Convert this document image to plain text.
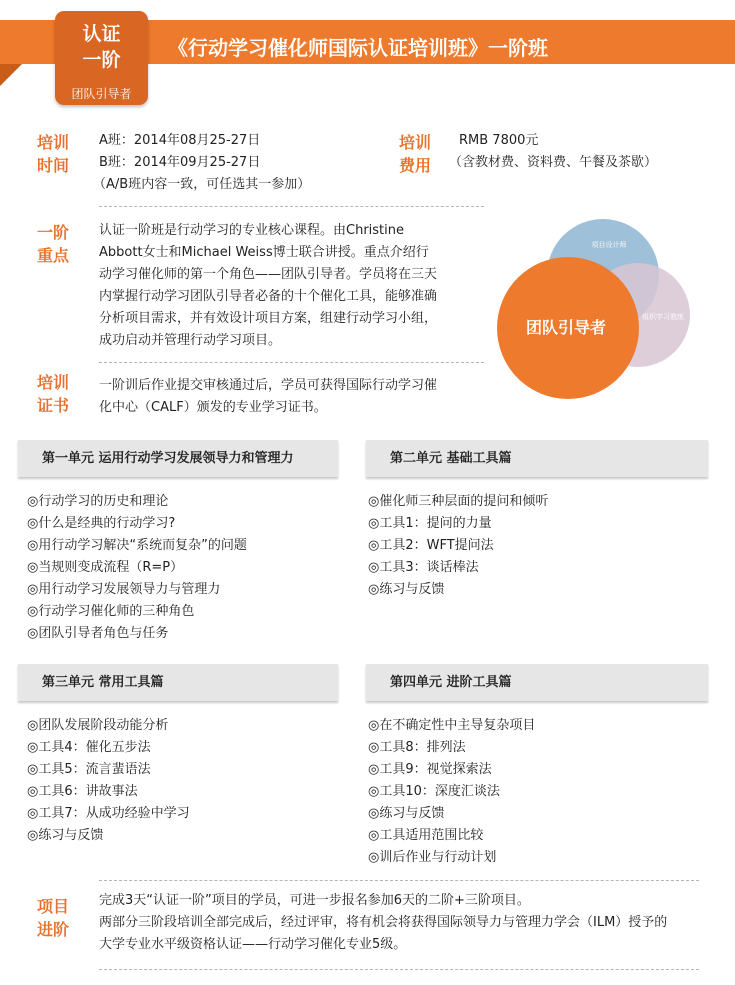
《行动学习催化师国际认证培训班》一阶班
认证
一阶
团队引导者
培训
时间
A班：2014年08月25-27日
B班：2014年09月25-27日
（A/B班内容一致，可任选其一参加）
培训
费用
RMB 7800元
（含教材费、资料费、午餐及茶歇）
一阶
重点
认证一阶班是行动学习的专业核心课程。由Christine
Abbott女士和Michael Weiss博士联合讲授。重点介绍行
动学习催化师的第一个角色——团队引导者。学员将在三天
内掌握行动学习团队引导者必备的十个催化工具，能够准确
分析项目需求，并有效设计项目方案，组建行动学习小组，
成功启动并管理行动学习项目。
培训
证书
一阶训后作业提交审核通过后，学员可获得国际行动学习催
化中心（CALF）颁发的专业学习证书。
项目设计师
组织学习教练
团队引导者
第一单元 运用行动学习发展领导力和管理力
◎行动学习的历史和理论
◎什么是经典的行动学习?
◎用行动学习解决“系统而复杂”的问题
◎当规则变成流程（R=P）
◎用行动学习发展领导力与管理力
◎行动学习催化师的三种角色
◎团队引导者角色与任务
第二单元 基础工具篇
◎催化师三种层面的提问和倾听
◎工具1：提问的力量
◎工具2：WFT提问法
◎工具3：谈话棒法
◎练习与反馈
第三单元 常用工具篇
◎团队发展阶段动能分析
◎工具4：催化五步法
◎工具5：流言蜚语法
◎工具6：讲故事法
◎工具7：从成功经验中学习
◎练习与反馈
第四单元 进阶工具篇
◎在不确定性中主导复杂项目
◎工具8：排列法
◎工具9：视觉探索法
◎工具10：深度汇谈法
◎练习与反馈
◎工具适用范围比较
◎训后作业与行动计划
项目
进阶
完成3天“认证一阶”项目的学员，可进一步报名参加6天的二阶+三阶项目。
两部分三阶段培训全部完成后，经过评审，将有机会将获得国际领导力与管理力学会（ILM）授予的
大学专业水平级资格认证——行动学习催化专业5级。
